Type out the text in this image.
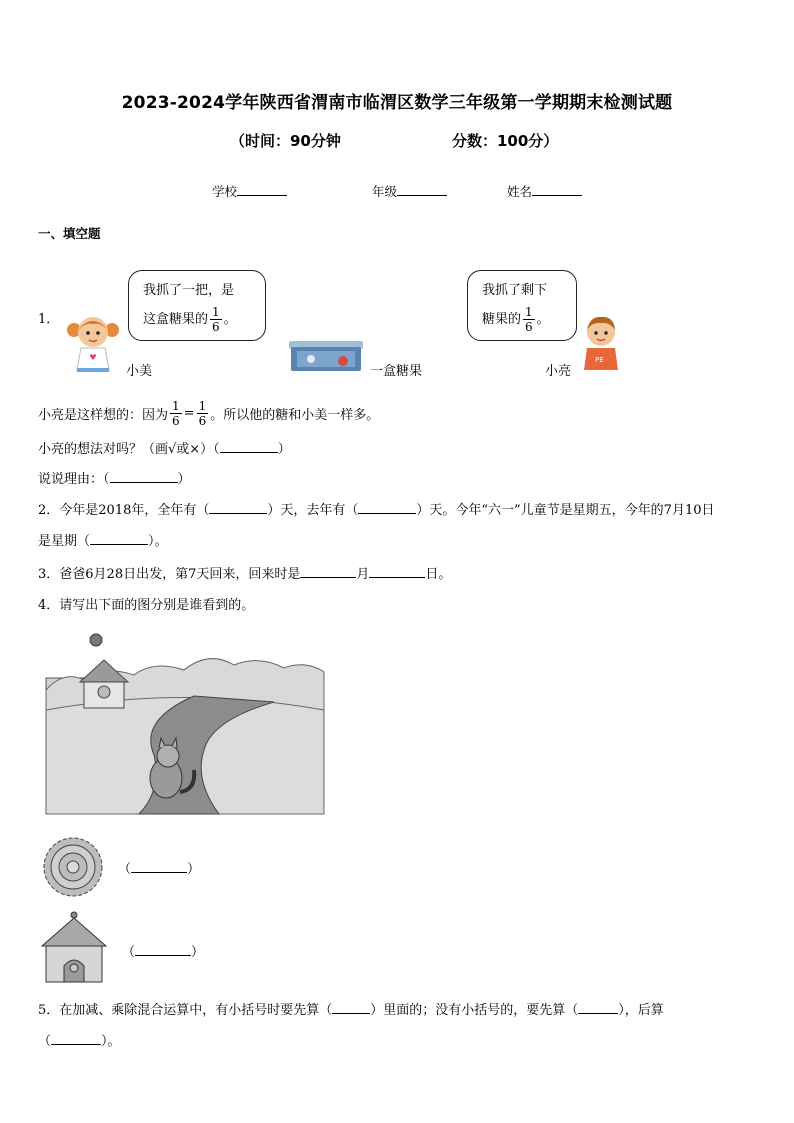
2023-2024学年陕西省渭南市临渭区数学三年级第一学期期末检测试题
（时间：90分钟	分数：100分）
学校	年级	姓名
一、填空题
1．
我抓了一把，是
这盒糖果的 $\frac{1}{6}$ 。
我抓了剩下
糖果的 $\frac{1}{6}$ 。
小美	一盒糖果
PE
小亮
小亮是这样想的：因为 $\frac{1}{6} = \frac{1}{6}$ 。所以他的糖和小美一样多。
小亮的想法对吗？（画√或×）（	）
说说理由：（	）
2．今年是2018年，全年有（	）天，去年有（	）天。今年“六一”儿童节是星期五，今年的7月10日
是星期（	）。
3．爸爸6月28日出发，第7天回来，回来时是	月	日。
4．请写出下面的图分别是谁看到的。
（	）
（	）
5．在加减、乘除混合运算中，有小括号时要先算（	）里面的；没有小括号的，要先算（	），后算
（	）。
